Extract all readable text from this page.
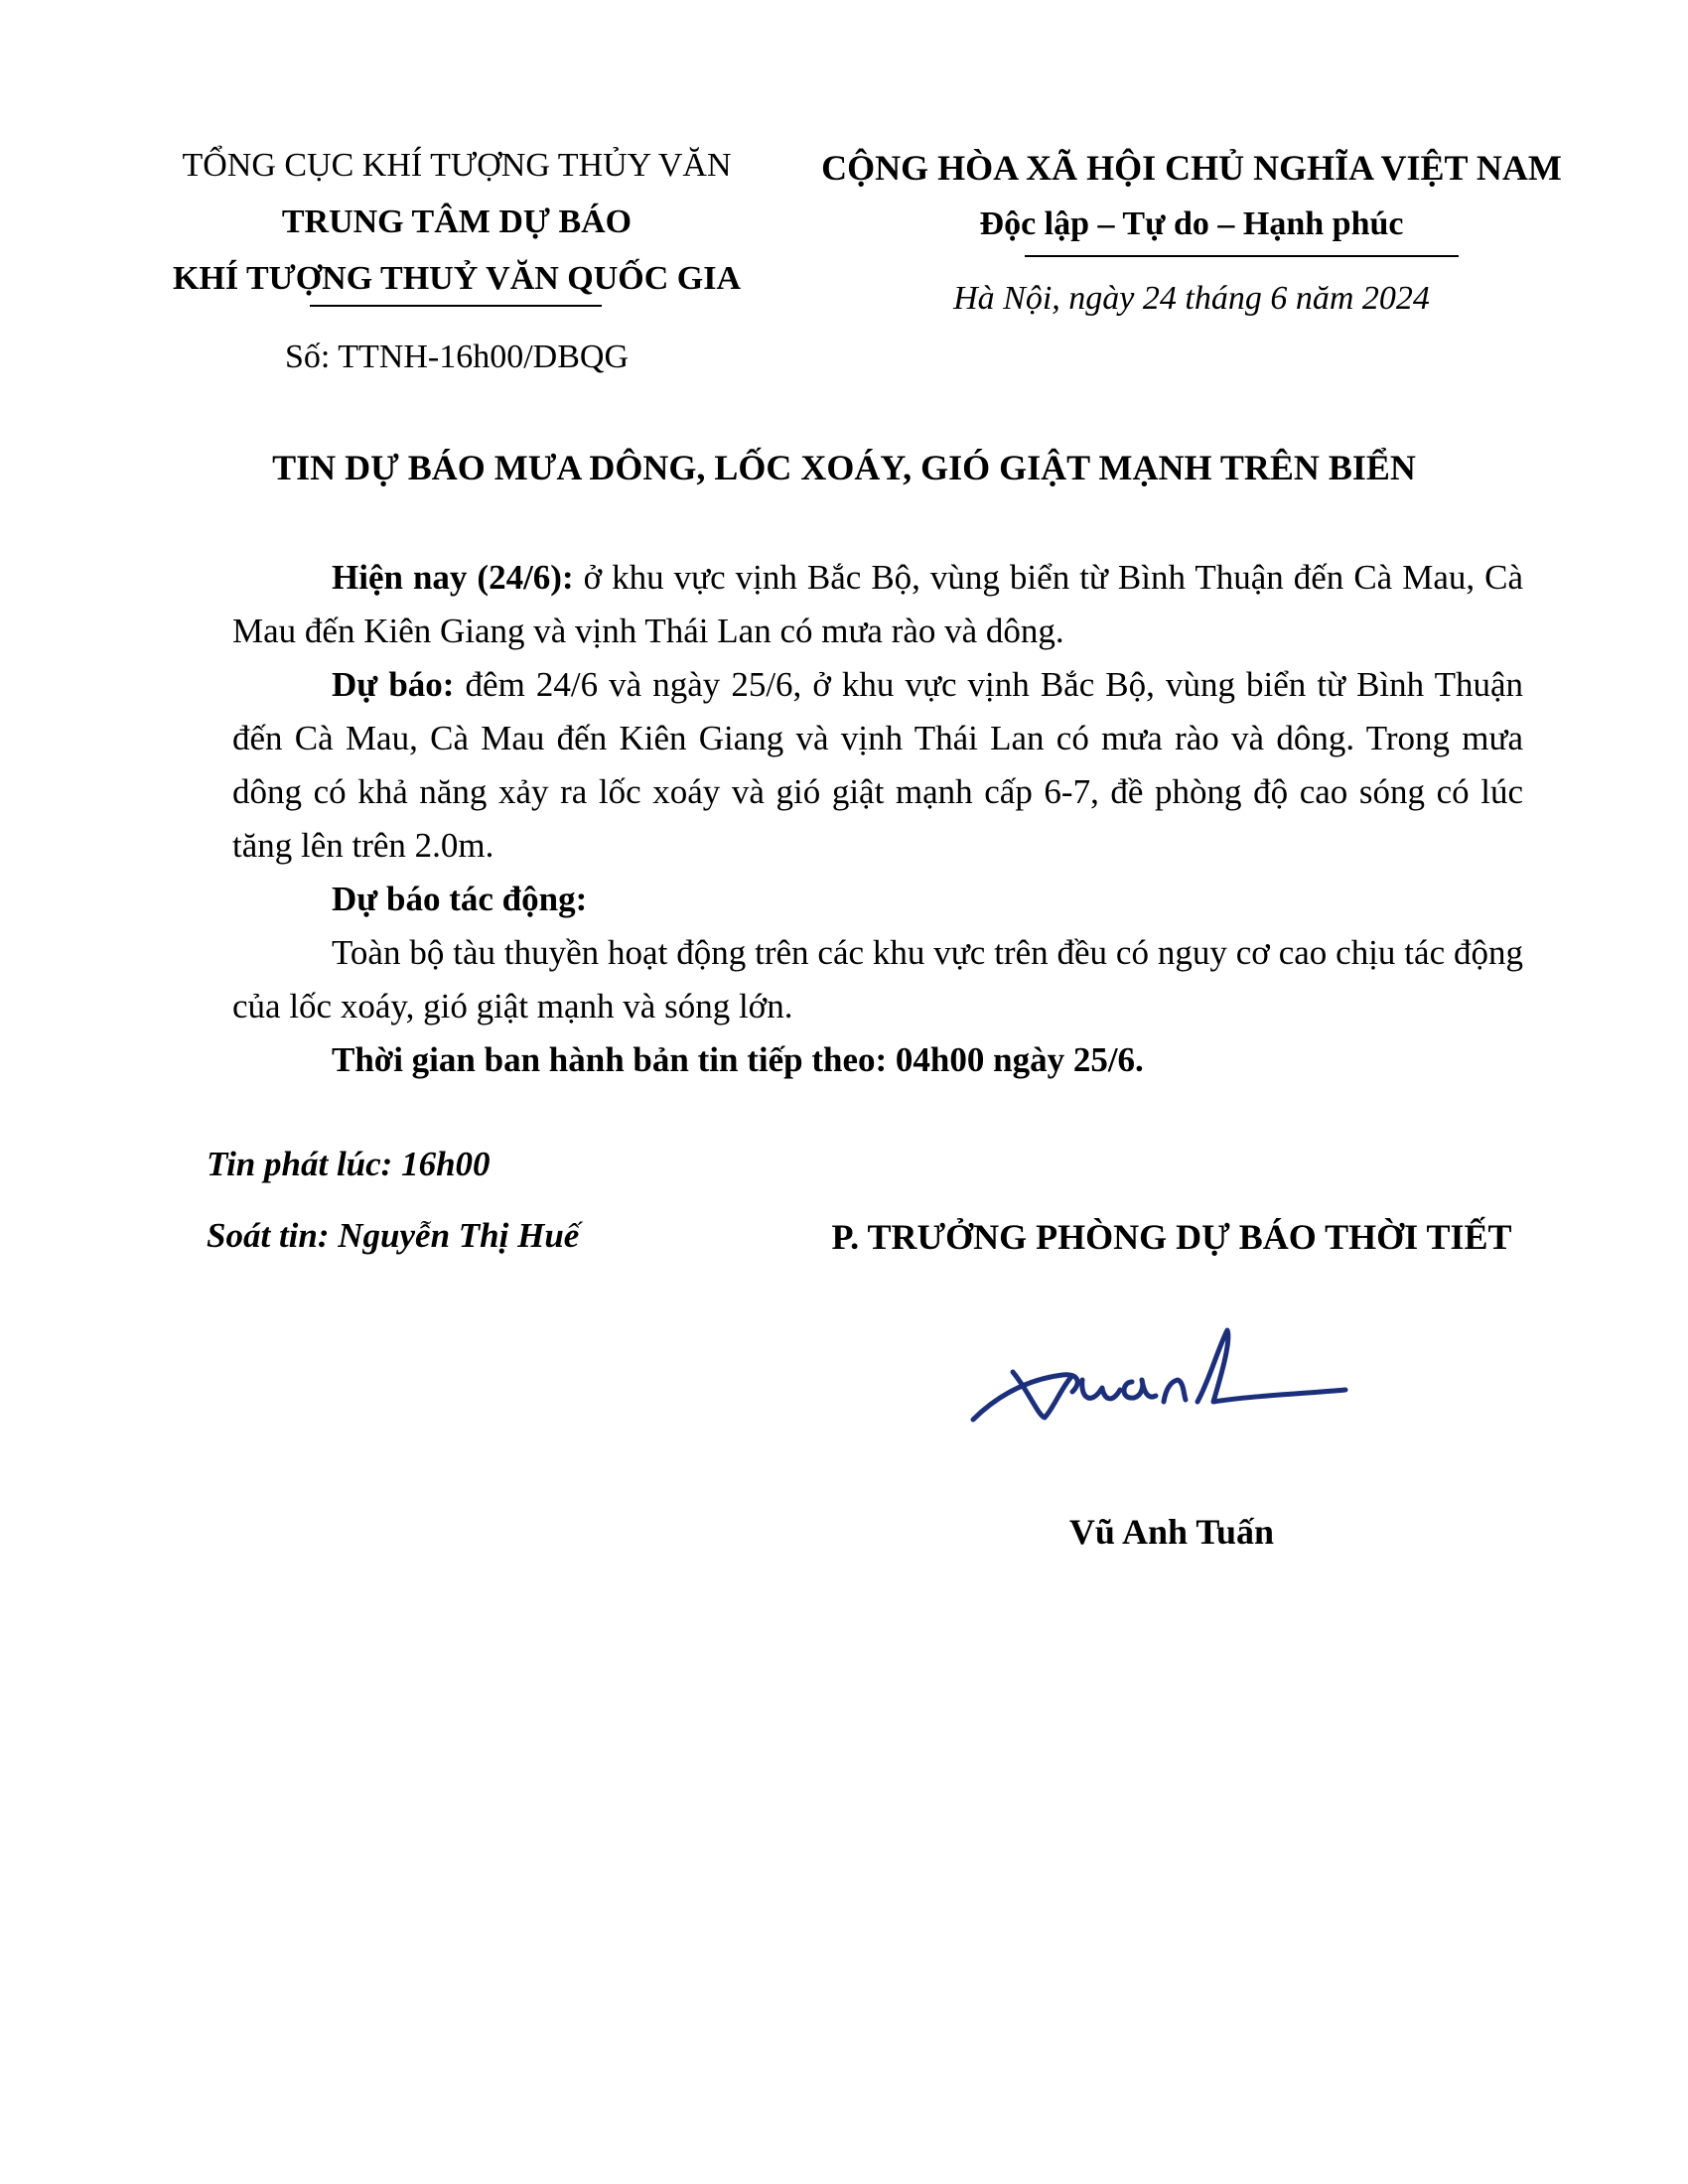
TỔNG CỤC KHÍ TƯỢNG THỦY VĂN
TRUNG TÂM DỰ BÁO
KHÍ TƯỢNG THUỶ VĂN QUỐC GIA
Số: TTNH-16h00/DBQG
CỘNG HÒA XÃ HỘI CHỦ NGHĨA VIỆT NAM
Độc lập – Tự do – Hạnh phúc
Hà Nội, ngày 24 tháng 6 năm 2024
TIN DỰ BÁO MƯA DÔNG, LỐC XOÁY, GIÓ GIẬT MẠNH TRÊN BIỂN
Hiện nay (24/6): ở khu vực vịnh Bắc Bộ, vùng biển từ Bình Thuận đến Cà Mau, Cà Mau đến Kiên Giang và vịnh Thái Lan có mưa rào và dông.
Dự báo: đêm 24/6 và ngày 25/6, ở khu vực vịnh Bắc Bộ, vùng biển từ Bình Thuận đến Cà Mau, Cà Mau đến Kiên Giang và vịnh Thái Lan có mưa rào và dông. Trong mưa dông có khả năng xảy ra lốc xoáy và gió giật mạnh cấp 6-7, đề phòng độ cao sóng có lúc tăng lên trên 2.0m.
Dự báo tác động:
Toàn bộ tàu thuyền hoạt động trên các khu vực trên đều có nguy cơ cao chịu tác động của lốc xoáy, gió giật mạnh và sóng lớn.
Thời gian ban hành bản tin tiếp theo: 04h00 ngày 25/6.
Tin phát lúc: 16h00
Soát tin: Nguyễn Thị Huế	P. TRƯỞNG PHÒNG DỰ BÁO THỜI TIẾT
Vũ Anh Tuấn
